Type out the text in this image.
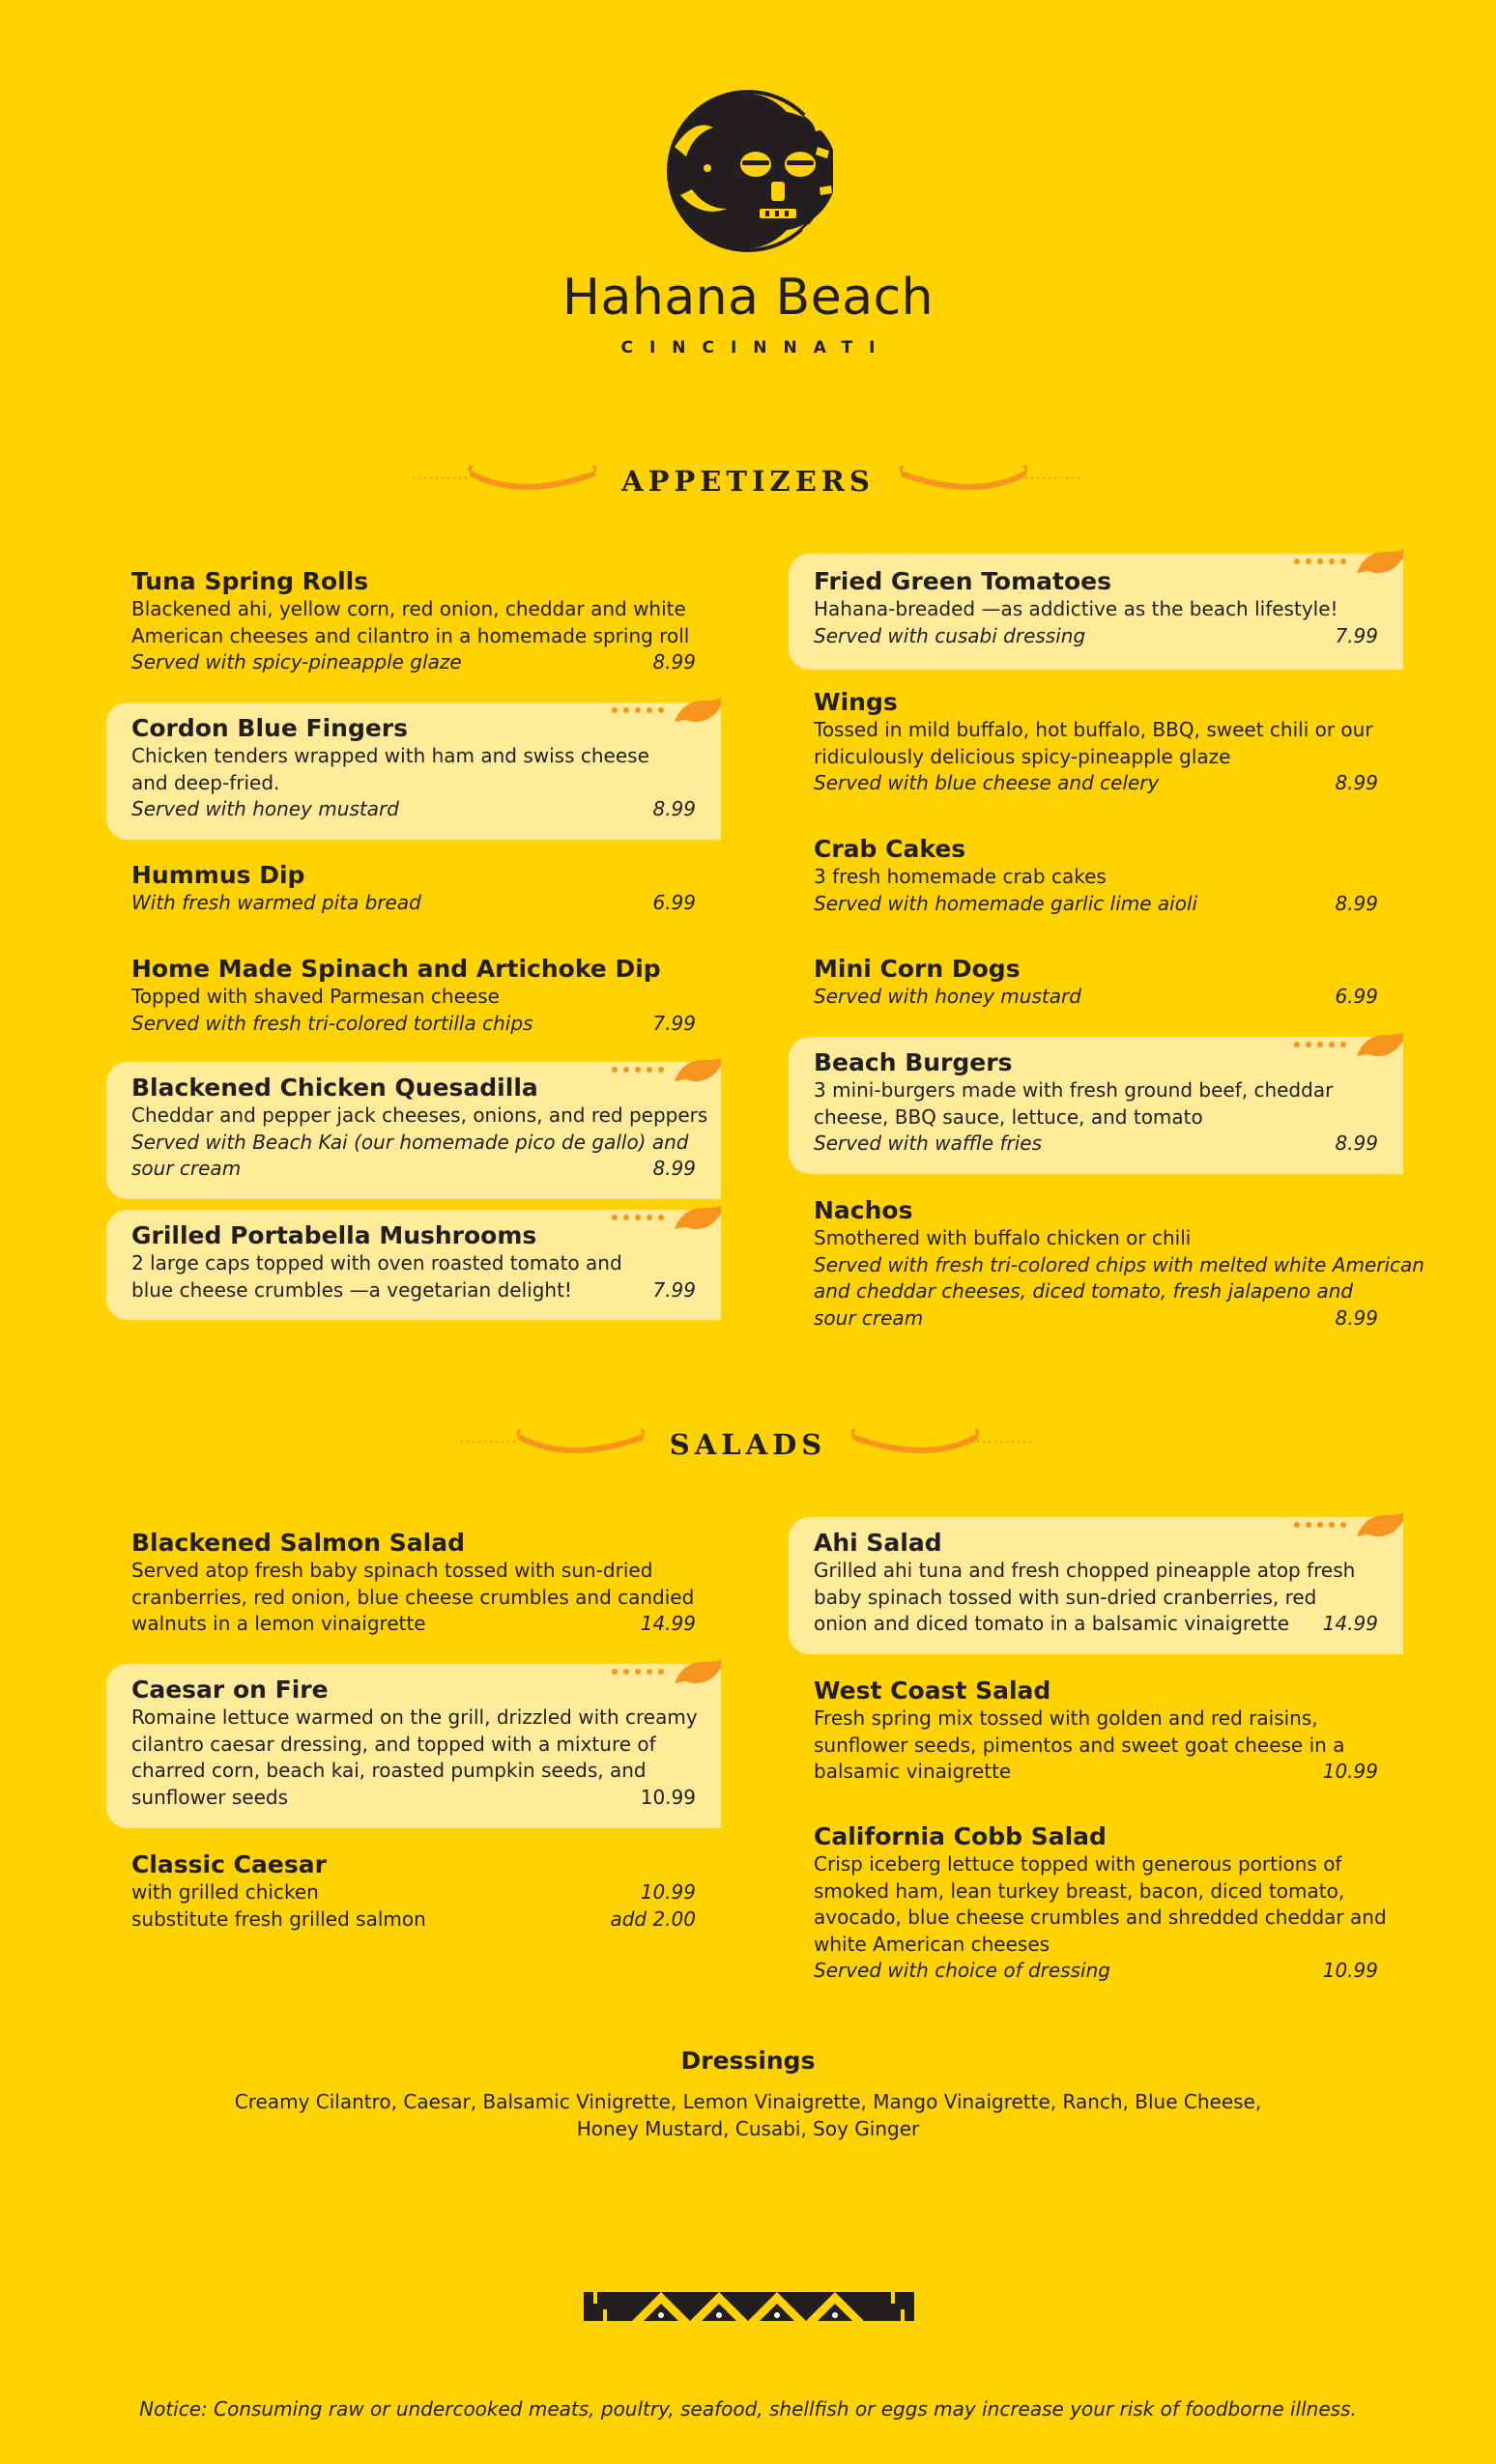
Hahana Beach
CINCINNATI
APPETIZERS
Tuna Spring Rolls
Blackened ahi, yellow corn, red onion, cheddar and white
American cheeses and cilantro in a homemade spring roll
Served with spicy-pineapple glaze	8.99
Cordon Blue Fingers
Chicken tenders wrapped with ham and swiss cheese
and deep-fried.
Served with honey mustard	8.99
Hummus Dip
With fresh warmed pita bread	6.99
Home Made Spinach and Artichoke Dip
Topped with shaved Parmesan cheese
Served with fresh tri-colored tortilla chips	7.99
Blackened Chicken Quesadilla
Cheddar and pepper jack cheeses, onions, and red peppers
Served with Beach Kai (our homemade pico de gallo) and
sour cream	8.99
Grilled Portabella Mushrooms
2 large caps topped with oven roasted tomato and
blue cheese crumbles —a vegetarian delight!	7.99
Fried Green Tomatoes
Hahana-breaded —as addictive as the beach lifestyle!
Served with cusabi dressing	7.99
Wings
Tossed in mild buffalo, hot buffalo, BBQ, sweet chili or our
ridiculously delicious spicy-pineapple glaze
Served with blue cheese and celery	8.99
Crab Cakes
3 fresh homemade crab cakes
Served with homemade garlic lime aioli	8.99
Mini Corn Dogs
Served with honey mustard	6.99
Beach Burgers
3 mini-burgers made with fresh ground beef, cheddar
cheese, BBQ sauce, lettuce, and tomato
Served with waffle fries	8.99
Nachos
Smothered with buffalo chicken or chili
Served with fresh tri-colored chips with melted white American
and cheddar cheeses, diced tomato, fresh jalapeno and
sour cream	8.99
SALADS
Blackened Salmon Salad
Served atop fresh baby spinach tossed with sun-dried
cranberries, red onion, blue cheese crumbles and candied
walnuts in a lemon vinaigrette	14.99
Caesar on Fire
Romaine lettuce warmed on the grill, drizzled with creamy
cilantro caesar dressing, and topped with a mixture of
charred corn, beach kai, roasted pumpkin seeds, and
sunflower seeds	10.99
Classic Caesar
with grilled chicken	10.99
substitute fresh grilled salmon	add 2.00
Ahi Salad
Grilled ahi tuna and fresh chopped pineapple atop fresh
baby spinach tossed with sun-dried cranberries, red
onion and diced tomato in a balsamic vinaigrette 14.99
West Coast Salad
Fresh spring mix tossed with golden and red raisins,
sunflower seeds, pimentos and sweet goat cheese in a
balsamic vinaigrette	10.99
California Cobb Salad
Crisp iceberg lettuce topped with generous portions of
smoked ham, lean turkey breast, bacon, diced tomato,
avocado, blue cheese crumbles and shredded cheddar and
white American cheeses
Served with choice of dressing	10.99
Dressings

Creamy Cilantro, Caesar, Balsamic Vinigrette, Lemon Vinaigrette, Mango Vinaigrette, Ranch, Blue Cheese,
Honey Mustard, Cusabi, Soy Ginger

Notice: Consuming raw or undercooked meats, poultry, seafood, shellfish or eggs may increase your risk of foodborne illness.
